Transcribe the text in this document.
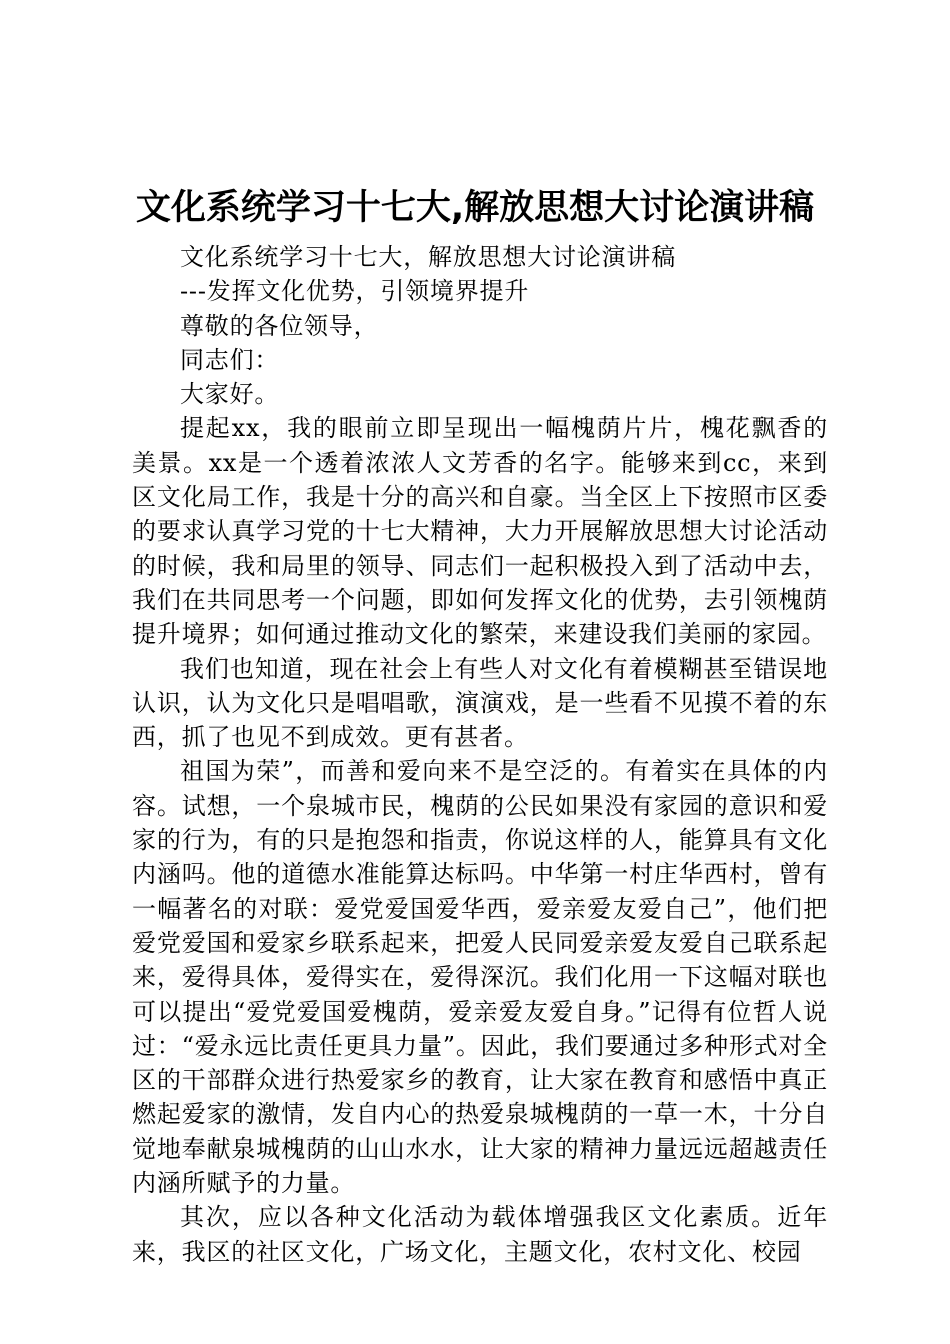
文化系统学习十七大,解放思想大讨论演讲稿

文化系统学习十七大，解放思想大讨论演讲稿

---发挥文化优势，引领境界提升

尊敬的各位领导，

同志们：

大家好。

提起xx，我的眼前立即呈现出一幅槐荫片片，槐花飘香的美景。xx是一个透着浓浓人文芳香的名字。能够来到cc，来到区文化局工作，我是十分的高兴和自豪。当全区上下按照市区委的要求认真学习党的十七大精神，大力开展解放思想大讨论活动的时候，我和局里的领导、同志们一起积极投入到了活动中去，我们在共同思考一个问题，即如何发挥文化的优势，去引领槐荫提升境界；如何通过推动文化的繁荣，来建设我们美丽的家园。

我们也知道，现在社会上有些人对文化有着模糊甚至错误地认识，认为文化只是唱唱歌，演演戏，是一些看不见摸不着的东西，抓了也见不到成效。更有甚者。

祖国为荣”，而善和爱向来不是空泛的。有着实在具体的内容。试想，一个泉城市民，槐荫的公民如果没有家园的意识和爱家的行为，有的只是抱怨和指责，你说这样的人，能算具有文化内涵吗。他的道德水准能算达标吗。中华第一村庄华西村，曾有一幅著名的对联：爱党爱国爱华西，爱亲爱友爱自己”，他们把爱党爱国和爱家乡联系起来，把爱人民同爱亲爱友爱自己联系起来，爱得具体，爱得实在，爱得深沉。我们化用一下这幅对联也可以提出“爱党爱国爱槐荫，爱亲爱友爱自身。”记得有位哲人说过：“爱永远比责任更具力量”。因此，我们要通过多种形式对全区的干部群众进行热爱家乡的教育，让大家在教育和感悟中真正燃起爱家的激情，发自内心的热爱泉城槐荫的一草一木，十分自觉地奉献泉城槐荫的山山水水，让大家的精神力量远远超越责任内涵所赋予的力量。

其次，应以各种文化活动为载体增强我区文化素质。近年来，我区的社区文化，广场文化，主题文化，农村文化、校园
